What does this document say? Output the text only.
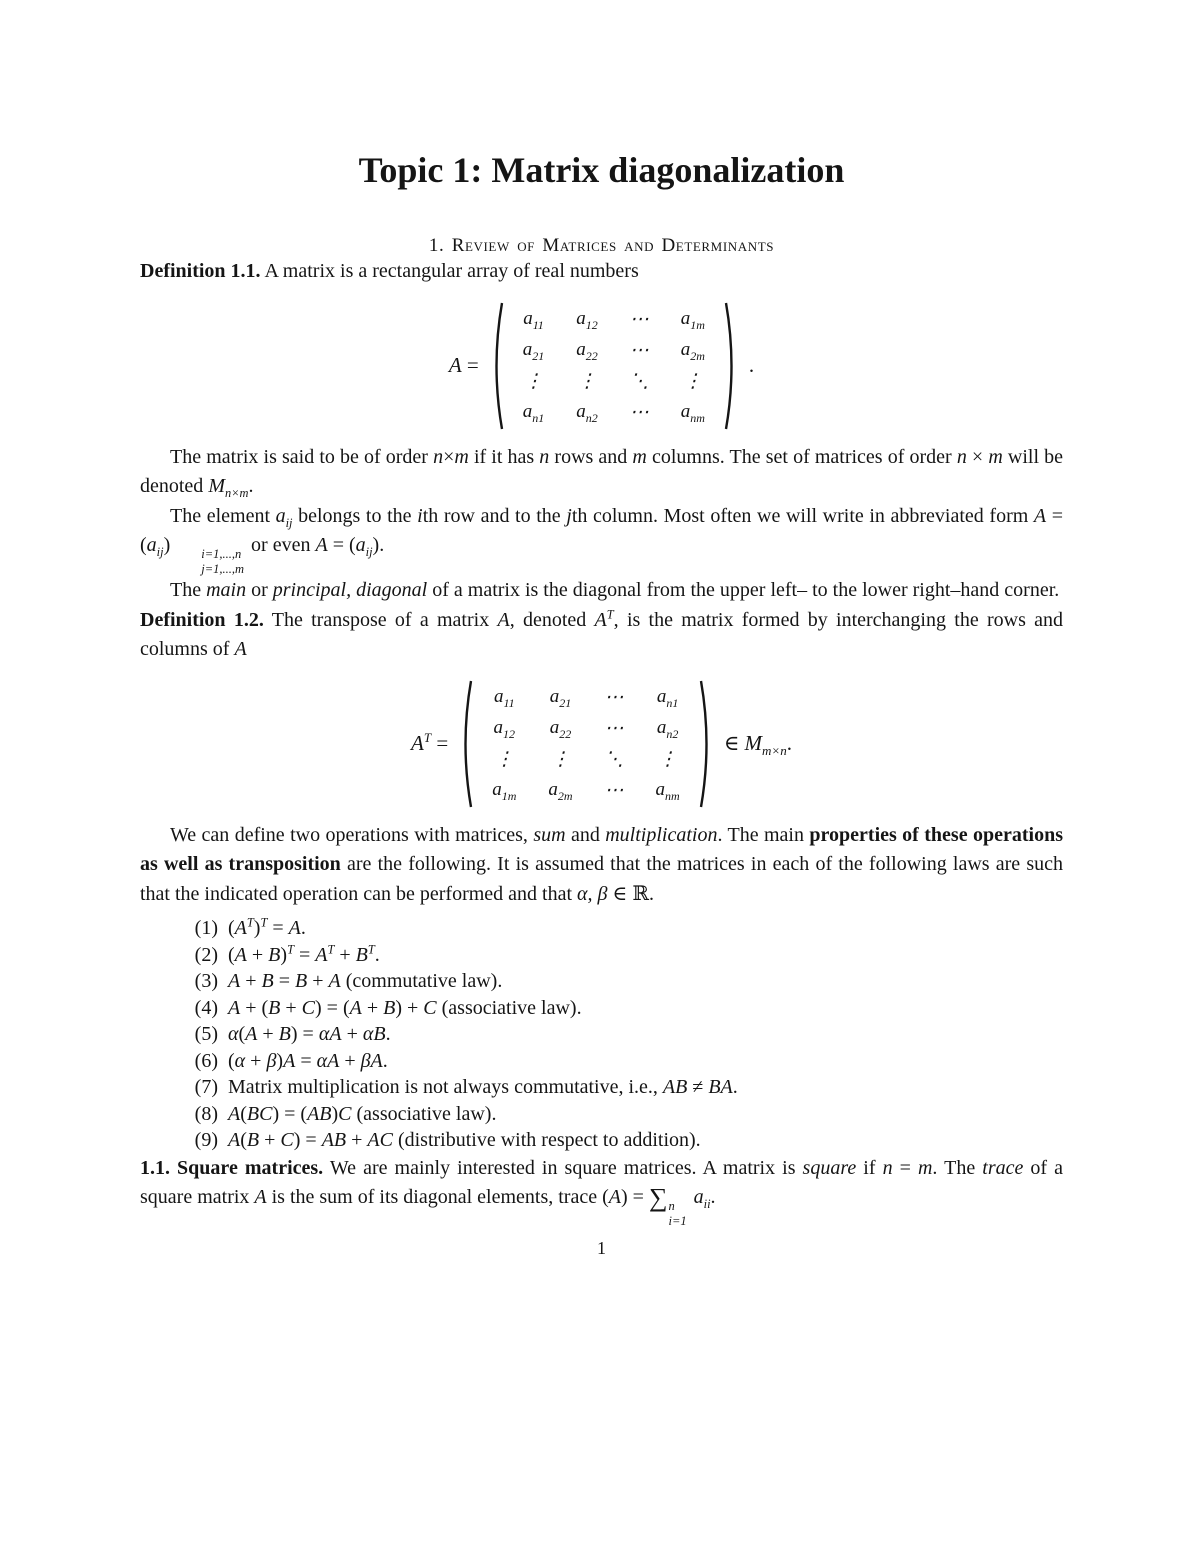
Topic 1: Matrix diagonalization
1. Review of Matrices and Determinants

Definition 1.1. A matrix is a rectangular array of real numbers

A =
$a_{11}$	$a_{12}$	⋯	$a_{1m}$
$a_{21}$	$a_{22}$	⋯	$a_{2m}$
⋮	⋮	⋱	⋮
$a_{n1}$	$a_{n2}$	⋯	$a_{nm}$
.

The matrix is said to be of order n×m if it has n rows and m columns. The set of matrices of order n × m will be denoted $M_{n\times m}$.

The element $a_{ij}$ belongs to the ith row and to the jth column. Most often we will write in abbreviated form $A = (a_{ij})$	i=1,...,n
j=1,...,m
or even $A = (a_{ij})$.

The main or principal, diagonal of a matrix is the diagonal from the upper left– to the lower right–hand corner.

Definition 1.2. The transpose of a matrix A, denoted $A^T$, is the matrix formed by interchanging the rows and columns of A

$A^T$ =
$a_{11}$	$a_{21}$	⋯	$a_{n1}$
$a_{12}$	$a_{22}$	⋯	$a_{n2}$
⋮	⋮	⋱	⋮
$a_{1m}$	$a_{2m}$	⋯	$a_{nm}$
∈ $M_{m\times n}$.

We can define two operations with matrices, sum and multiplication. The main properties of these operations as well as transposition are the following. It is assumed that the matrices in each of the following laws are such that the indicated operation can be performed and that α, β ∈ ℝ.

(1) $(A^T)^T = A$.
(2) $(A + B)^T = A^T + B^T$.
(3) A + B = B + A (commutative law).
(4) A + (B + C) = (A + B) + C (associative law).
(5) α(A + B) = αA + αB.
(6) (α + β)A = αA + βA.
(7) Matrix multiplication is not always commutative, i.e., AB ≠ BA.
(8) A(BC) = (AB)C (associative law).
(9) A(B + C) = AB + AC (distributive with respect to addition).

1.1. Square matrices. We are mainly interested in square matrices. A matrix is square if n = m. The trace of a square matrix A is the sum of its diagonal elements, trace (A) = ∑ n
i=1
$a_{ii}$.

1
